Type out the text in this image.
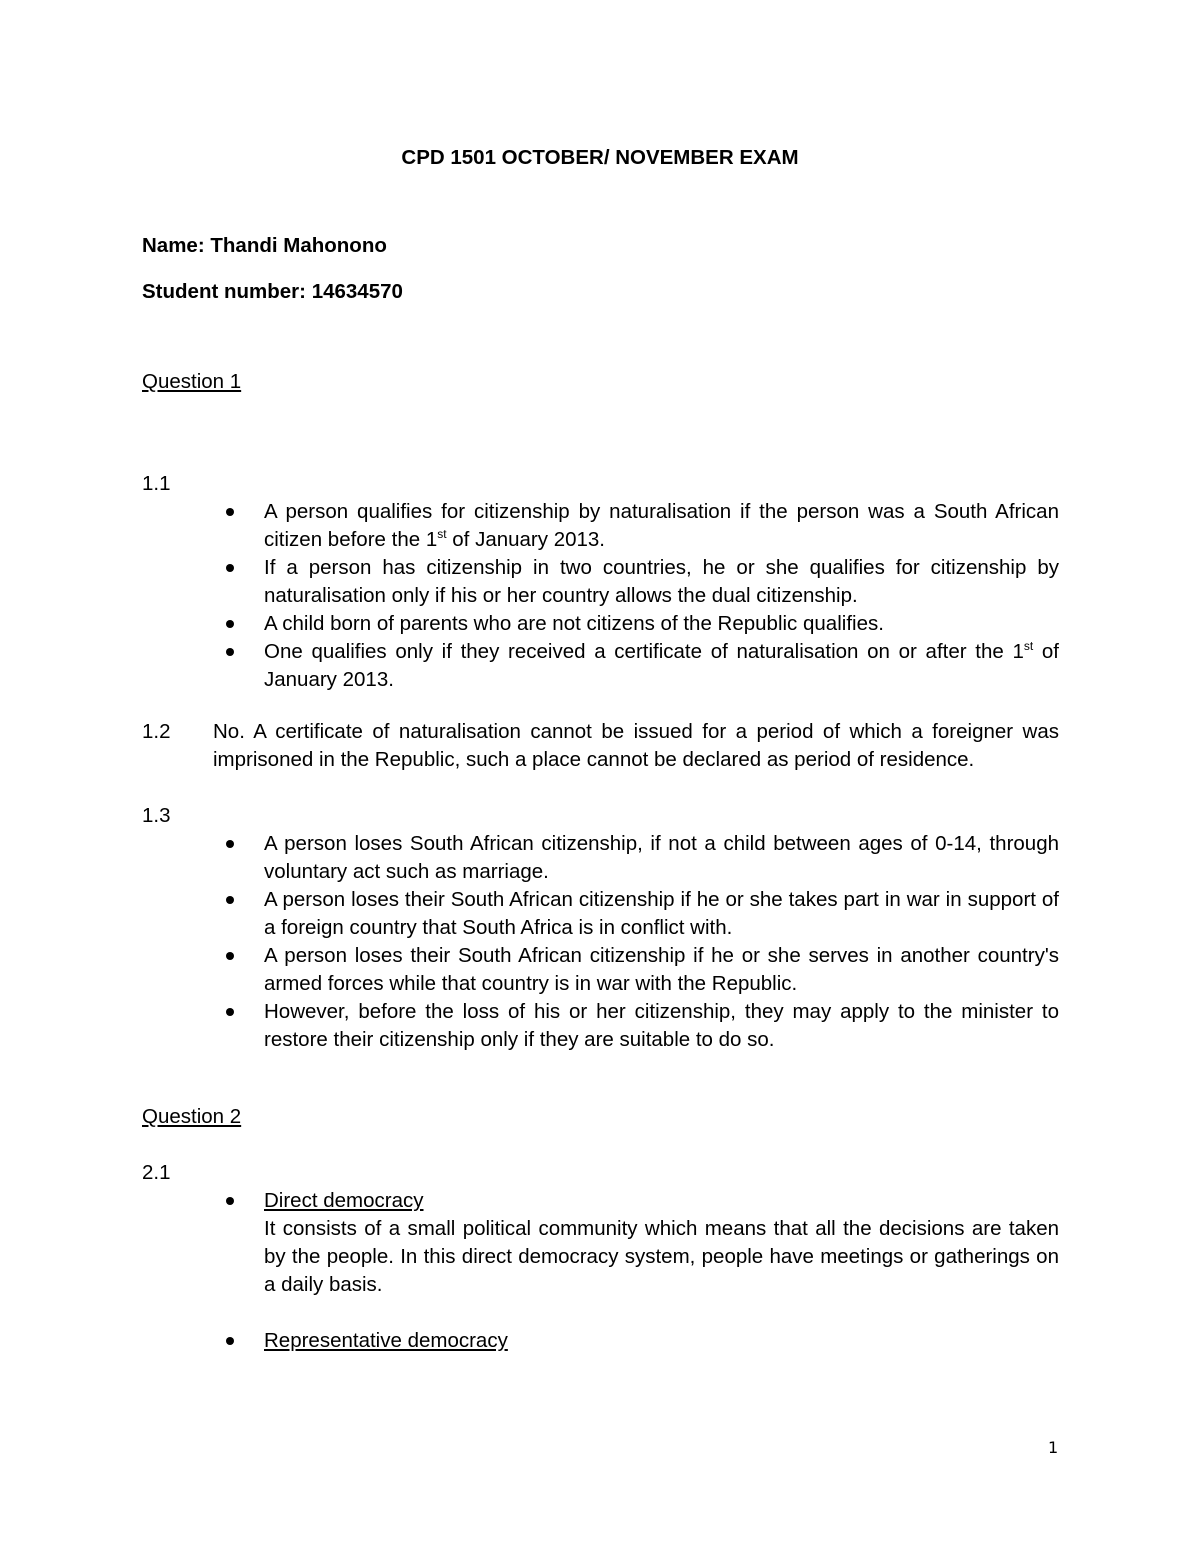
CPD 1501 OCTOBER/ NOVEMBER EXAM
Name: Thandi Mahonono
Student number: 14634570
Question 1
1.1
A person qualifies for citizenship by naturalisation if the person was a South African citizen before the 1st of January 2013.
If a person has citizenship in two countries, he or she qualifies for citizenship by naturalisation only if his or her country allows the dual citizenship.
A child born of parents who are not citizens of the Republic qualifies.
One qualifies only if they received a certificate of naturalisation on or after the 1st of January 2013.
1.2 No. A certificate of naturalisation cannot be issued for a period of which a foreigner was imprisoned in the Republic, such a place cannot be declared as period of residence.
1.3
A person loses South African citizenship, if not a child between ages of 0-14, through voluntary act such as marriage.
A person loses their South African citizenship if he or she takes part in war in support of a foreign country that South Africa is in conflict with.
A person loses their South African citizenship if he or she serves in another country's armed forces while that country is in war with the Republic.
However, before the loss of his or her citizenship, they may apply to the minister to restore their citizenship only if they are suitable to do so.
Question 2
2.1
Direct democracy
It consists of a small political community which means that all the decisions are taken by the people. In this direct democracy system, people have meetings or gatherings on a daily basis.
Representative democracy
1
